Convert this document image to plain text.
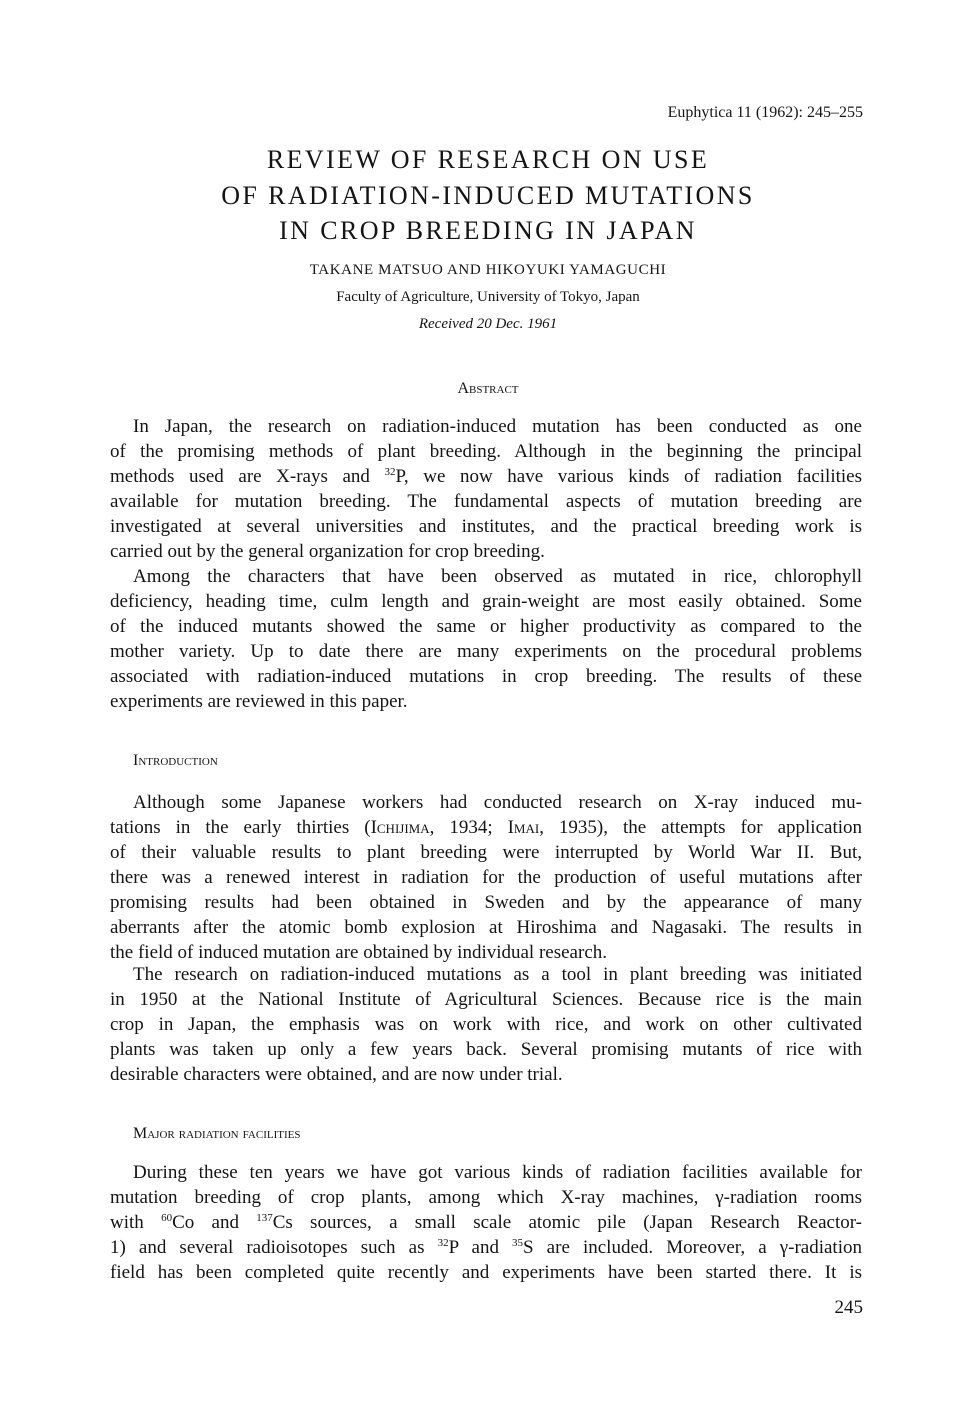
Euphytica 11 (1962): 245–255
REVIEW OF RESEARCH ON USE
OF RADIATION-INDUCED MUTATIONS
IN CROP BREEDING IN JAPAN
TAKANE MATSUO AND HIKOYUKI YAMAGUCHI
Faculty of Agriculture, University of Tokyo, Japan
Received 20 Dec. 1961
Abstract
In Japan, the research on radiation-induced mutation has been conducted as one
of the promising methods of plant breeding. Although in the beginning the principal
methods used are X-rays and $^{32}$P, we now have various kinds of radiation facilities
available for mutation breeding. The fundamental aspects of mutation breeding are
investigated at several universities and institutes, and the practical breeding work is
carried out by the general organization for crop breeding.
Among the characters that have been observed as mutated in rice, chlorophyll
deficiency, heading time, culm length and grain-weight are most easily obtained. Some
of the induced mutants showed the same or higher productivity as compared to the
mother variety. Up to date there are many experiments on the procedural problems
associated with radiation-induced mutations in crop breeding. The results of these
experiments are reviewed in this paper.
Introduction
Although some Japanese workers had conducted research on X-ray induced mu-
tations in the early thirties (Ichijima, 1934; Imai, 1935), the attempts for application
of their valuable results to plant breeding were interrupted by World War II. But,
there was a renewed interest in radiation for the production of useful mutations after
promising results had been obtained in Sweden and by the appearance of many
aberrants after the atomic bomb explosion at Hiroshima and Nagasaki. The results in
the field of induced mutation are obtained by individual research.
The research on radiation-induced mutations as a tool in plant breeding was initiated
in 1950 at the National Institute of Agricultural Sciences. Because rice is the main
crop in Japan, the emphasis was on work with rice, and work on other cultivated
plants was taken up only a few years back. Several promising mutants of rice with
desirable characters were obtained, and are now under trial.
Major radiation facilities
During these ten years we have got various kinds of radiation facilities available for
mutation breeding of crop plants, among which X-ray machines, γ-radiation rooms
with $^{60}$Co and $^{137}$Cs sources, a small scale atomic pile (Japan Research Reactor-
1) and several radioisotopes such as $^{32}$P and $^{35}$S are included. Moreover, a γ-radiation
field has been completed quite recently and experiments have been started there. It is
245
